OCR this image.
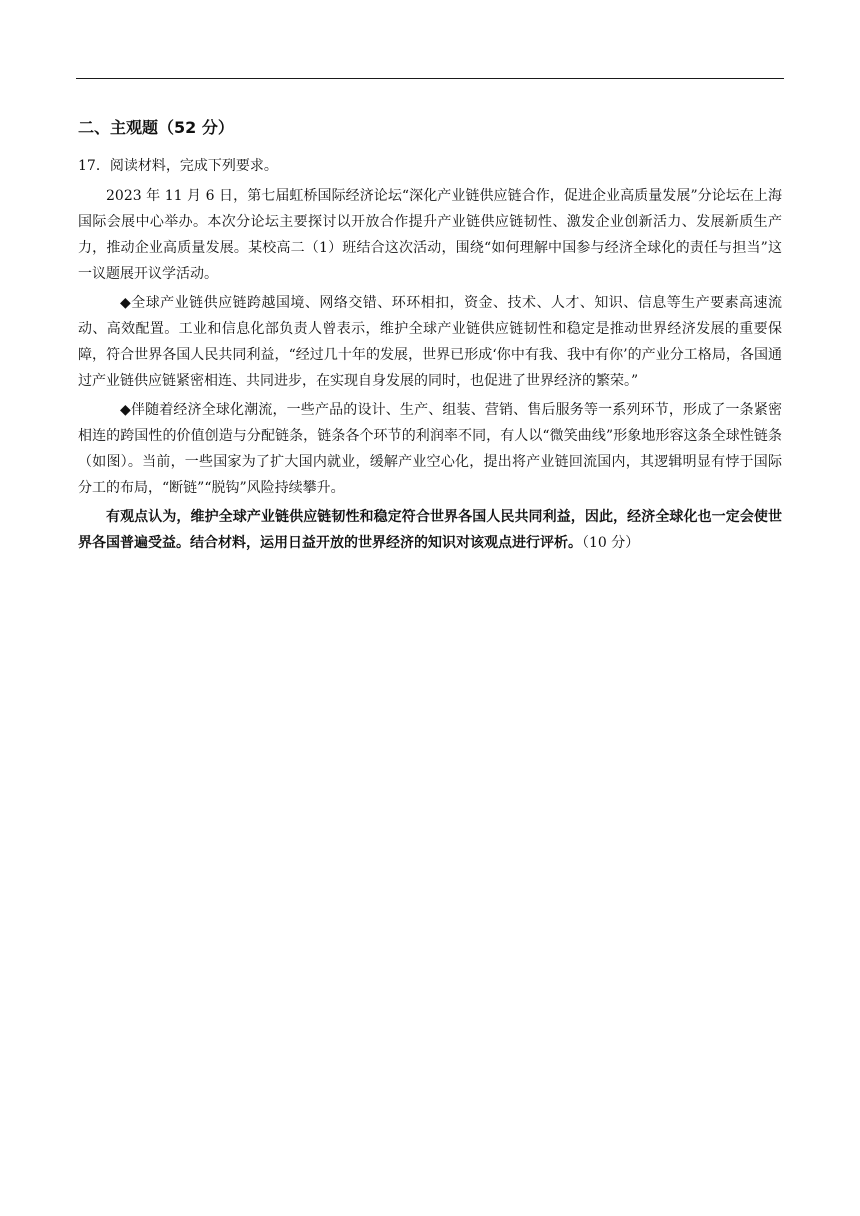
二、主观题（52 分）
17．阅读材料，完成下列要求。

2023 年 11 月 6 日，第七届虹桥国际经济论坛“深化产业链供应链合作，促进企业高质量发展”分论坛在上海国际会展中心举办。本次分论坛主要探讨以开放合作提升产业链供应链韧性、激发企业创新活力、发展新质生产力，推动企业高质量发展。某校高二（1）班结合这次活动，围绕“如何理解中国参与经济全球化的责任与担当”这一议题展开议学活动。

◆全球产业链供应链跨越国境、网络交错、环环相扣，资金、技术、人才、知识、信息等生产要素高速流动、高效配置。工业和信息化部负责人曾表示，维护全球产业链供应链韧性和稳定是推动世界经济发展的重要保障，符合世界各国人民共同利益，“经过几十年的发展，世界已形成‘你中有我、我中有你’的产业分工格局，各国通过产业链供应链紧密相连、共同进步，在实现自身发展的同时，也促进了世界经济的繁荣。”

◆伴随着经济全球化潮流，一些产品的设计、生产、组装、营销、售后服务等一系列环节，形成了一条紧密相连的跨国性的价值创造与分配链条，链条各个环节的利润率不同，有人以“微笑曲线”形象地形容这条全球性链条（如图）。当前，一些国家为了扩大国内就业，缓解产业空心化，提出将产业链回流国内，其逻辑明显有悖于国际分工的布局，“断链”“脱钩”风险持续攀升。

有观点认为，维护全球产业链供应链韧性和稳定符合世界各国人民共同利益，因此，经济全球化也一定会使世界各国普遍受益。结合材料，运用日益开放的世界经济的知识对该观点进行评析。（10 分）
